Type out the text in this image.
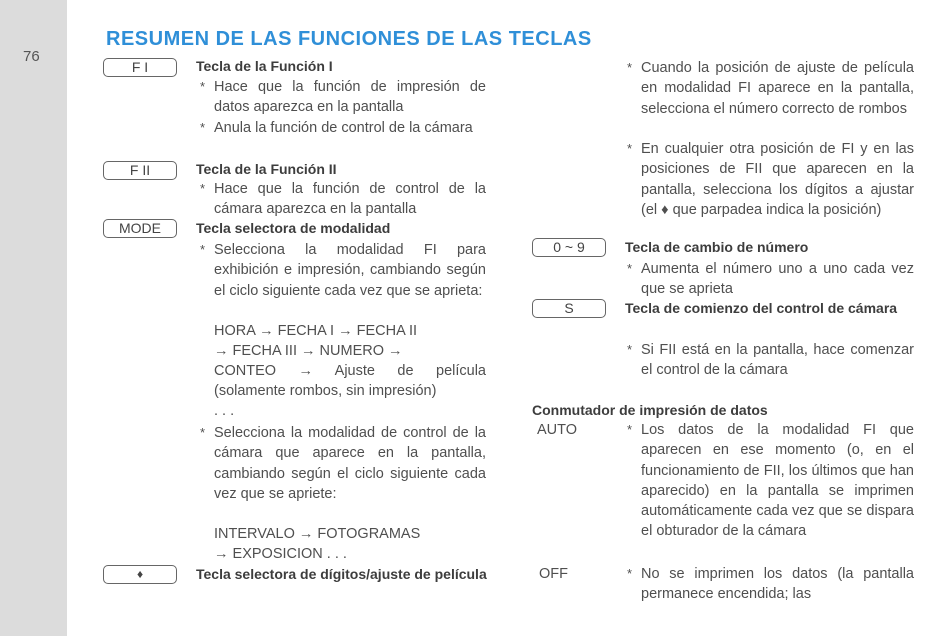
76
RESUMEN DE LAS FUNCIONES DE LAS TECLAS
F I	Tecla de la Función I
* Hace que la función de impresión de datos aparezca en la pantalla
* Anula la función de control de la cámara
F II	Tecla de la Función II
* Hace que la función de control de la cámara aparezca en la pantalla
MODE	Tecla selectora de modalidad
* Selecciona la modalidad FI para exhibición e impresión, cambiando según el ciclo siguiente cada vez que se aprieta:
HORA → FECHA I → FECHA II
→ FECHA III → NUMERO →
CONTEO → Ajuste de película
(solamente rombos, sin impresión)
. . .
* Selecciona la modalidad de control de la cámara que aparece en la pantalla, cambiando según el ciclo siguiente cada vez que se apriete:
INTERVALO → FOTOGRAMAS
→ EXPOSICION . . .
♦	Tecla selectora de dígitos/ajuste de película
* Cuando la posición de ajuste de película en modalidad FI aparece en la pantalla, selecciona el número correcto de rombos
* En cualquier otra posición de FI y en las posiciones de FII que aparecen en la pantalla, selecciona los dígitos a ajustar (el ♦ que parpadea indica la posición)
0 ~ 9	Tecla de cambio de número
* Aumenta el número uno a uno cada vez que se aprieta
S	Tecla de comienzo del control de cámara
* Si FII está en la pantalla, hace comenzar el control de la cámara
Conmutador de impresión de datos
AUTO	* Los datos de la modalidad FI que aparecen en ese momento (o, en el funcionamiento de FII, los últimos que han aparecido) en la pantalla se imprimen automáticamente cada vez que se dispara el obturador de la cámara
OFF	* No se imprimen los datos (la pantalla permanece encendida; las
